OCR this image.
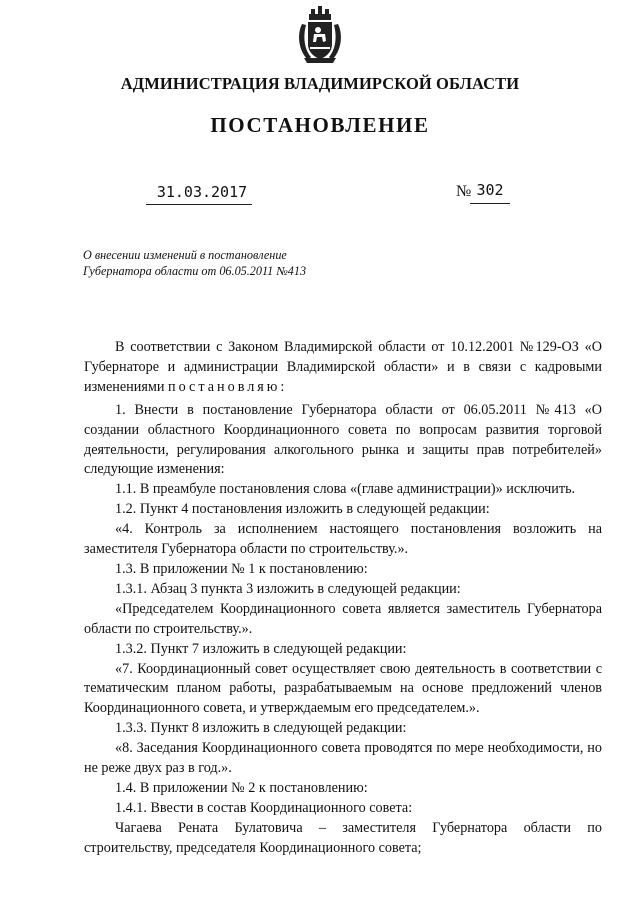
АДМИНИСТРАЦИЯ ВЛАДИМИРСКОЙ ОБЛАСТИ
ПОСТАНОВЛЕНИЕ
31.03.2017	№ 302
О внесении изменений в постановление
Губернатора области от 06.05.2011 №413

В соответствии с Законом Владимирской области от 10.12.2001 №129-ОЗ «О Губернаторе и администрации Владимирской области» и в связи с кадровыми изменениями постановляю:

1. Внести в постановление Губернатора области от 06.05.2011 №413 «О создании областного Координационного совета по вопросам развития торговой деятельности, регулирования алкогольного рынка и защиты прав потребителей» следующие изменения:

1.1. В преамбуле постановления слова «(главе администрации)» исключить.

1.2. Пункт 4 постановления изложить в следующей редакции:

«4. Контроль за исполнением настоящего постановления возложить на заместителя Губернатора области по строительству.».

1.3. В приложении № 1 к постановлению:

1.3.1. Абзац 3 пункта 3 изложить в следующей редакции:

«Председателем Координационного совета является заместитель Губернатора области по строительству.».

1.3.2. Пункт 7 изложить в следующей редакции:

«7. Координационный совет осуществляет свою деятельность в соответствии с тематическим планом работы, разрабатываемым на основе предложений членов Координационного совета, и утверждаемым его председателем.».

1.3.3. Пункт 8 изложить в следующей редакции:

«8. Заседания Координационного совета проводятся по мере необходимости, но не реже двух раз в год.».

1.4. В приложении № 2 к постановлению:

1.4.1. Ввести в состав Координационного совета:

Чагаева Рената Булатовича – заместителя Губернатора области по строительству, председателя Координационного совета;
